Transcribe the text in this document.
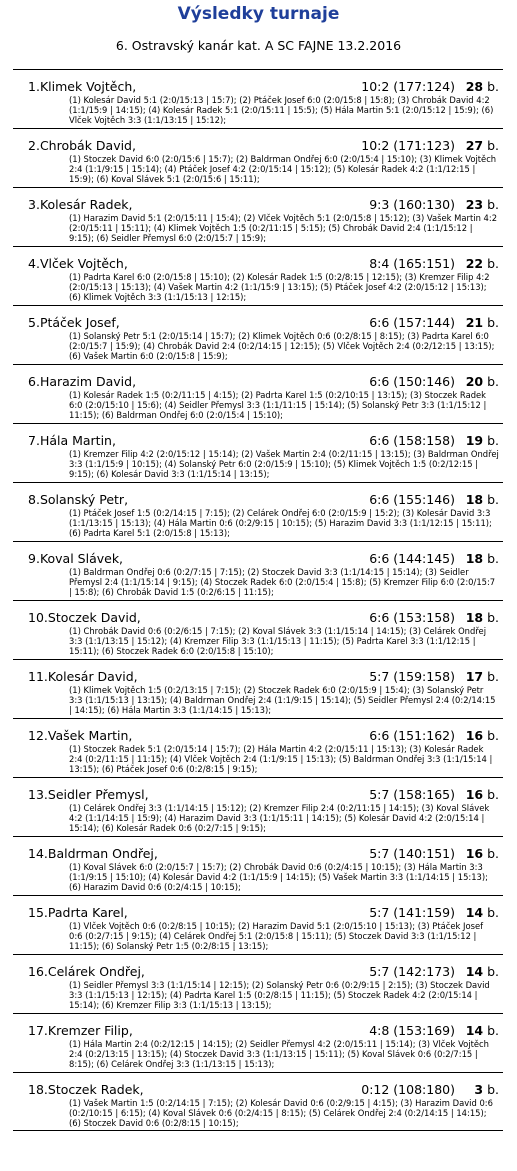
Výsledky turnaje
6. Ostravský kanár kat. A SC FAJNE 13.2.2016
1.Klimek Vojtěch,	10:2 (177:124) 28 b.
(1) Kolesár David 5:1 (2:0/15:13 | 15:7); (2) Ptáček Josef 6:0 (2:0/15:8 | 15:8); (3) Chrobák David 4:2 (1:1/15:9 | 14:15); (4) Kolesár Radek 5:1 (2:0/15:11 | 15:5); (5) Hála Martin 5:1 (2:0/15:12 | 15:9); (6) Vlček Vojtěch 3:3 (1:1/13:15 | 15:12);
2.Chrobák David,	10:2 (171:123) 27 b.
(1) Stoczek David 6:0 (2:0/15:6 | 15:7); (2) Baldrman Ondřej 6:0 (2:0/15:4 | 15:10); (3) Klimek Vojtěch 2:4 (1:1/9:15 | 15:14); (4) Ptáček Josef 4:2 (2:0/15:14 | 15:12); (5) Kolesár Radek 4:2 (1:1/12:15 | 15:9); (6) Koval Slávek 5:1 (2:0/15:6 | 15:11);
3.Kolesár Radek,	9:3 (160:130) 23 b.
(1) Harazim David 5:1 (2:0/15:11 | 15:4); (2) Vlček Vojtěch 5:1 (2:0/15:8 | 15:12); (3) Vašek Martin 4:2 (2:0/15:11 | 15:11); (4) Klimek Vojtěch 1:5 (0:2/11:15 | 5:15); (5) Chrobák David 2:4 (1:1/15:12 | 9:15); (6) Seidler Přemysl 6:0 (2:0/15:7 | 15:9);
4.Vlček Vojtěch,	8:4 (165:151) 22 b.
(1) Padrta Karel 6:0 (2:0/15:8 | 15:10); (2) Kolesár Radek 1:5 (0:2/8:15 | 12:15); (3) Kremzer Filip 4:2 (2:0/15:13 | 15:13); (4) Vašek Martin 4:2 (1:1/15:9 | 13:15); (5) Ptáček Josef 4:2 (2:0/15:12 | 15:13); (6) Klimek Vojtěch 3:3 (1:1/15:13 | 12:15);
5.Ptáček Josef,	6:6 (157:144) 21 b.
(1) Solanský Petr 5:1 (2:0/15:14 | 15:7); (2) Klimek Vojtěch 0:6 (0:2/8:15 | 8:15); (3) Padrta Karel 6:0 (2:0/15:7 | 15:9); (4) Chrobák David 2:4 (0:2/14:15 | 12:15); (5) Vlček Vojtěch 2:4 (0:2/12:15 | 13:15); (6) Vašek Martin 6:0 (2:0/15:8 | 15:9);
6.Harazim David,	6:6 (150:146) 20 b.
(1) Kolesár Radek 1:5 (0:2/11:15 | 4:15); (2) Padrta Karel 1:5 (0:2/10:15 | 13:15); (3) Stoczek Radek 6:0 (2:0/15:10 | 15:6); (4) Seidler Přemysl 3:3 (1:1/11:15 | 15:14); (5) Solanský Petr 3:3 (1:1/15:12 | 11:15); (6) Baldrman Ondřej 6:0 (2:0/15:4 | 15:10);
7.Hála Martin,	6:6 (158:158) 19 b.
(1) Kremzer Filip 4:2 (2:0/15:12 | 15:14); (2) Vašek Martin 2:4 (0:2/11:15 | 13:15); (3) Baldrman Ondřej 3:3 (1:1/15:9 | 10:15); (4) Solanský Petr 6:0 (2:0/15:9 | 15:10); (5) Klimek Vojtěch 1:5 (0:2/12:15 | 9:15); (6) Kolesár David 3:3 (1:1/15:14 | 13:15);
8.Solanský Petr,	6:6 (155:146) 18 b.
(1) Ptáček Josef 1:5 (0:2/14:15 | 7:15); (2) Celárek Ondřej 6:0 (2:0/15:9 | 15:2); (3) Kolesár David 3:3 (1:1/13:15 | 15:13); (4) Hála Martin 0:6 (0:2/9:15 | 10:15); (5) Harazim David 3:3 (1:1/12:15 | 15:11); (6) Padrta Karel 5:1 (2:0/15:8 | 15:13);
9.Koval Slávek,	6:6 (144:145) 18 b.
(1) Baldrman Ondřej 0:6 (0:2/7:15 | 7:15); (2) Stoczek David 3:3 (1:1/14:15 | 15:14); (3) Seidler Přemysl 2:4 (1:1/15:14 | 9:15); (4) Stoczek Radek 6:0 (2:0/15:4 | 15:8); (5) Kremzer Filip 6:0 (2:0/15:7 | 15:8); (6) Chrobák David 1:5 (0:2/6:15 | 11:15);
10.Stoczek David,	6:6 (153:158) 18 b.
(1) Chrobák David 0:6 (0:2/6:15 | 7:15); (2) Koval Slávek 3:3 (1:1/15:14 | 14:15); (3) Celárek Ondřej 3:3 (1:1/13:15 | 15:12); (4) Kremzer Filip 3:3 (1:1/15:13 | 11:15); (5) Padrta Karel 3:3 (1:1/12:15 | 15:11); (6) Stoczek Radek 6:0 (2:0/15:8 | 15:10);
11.Kolesár David,	5:7 (159:158) 17 b.
(1) Klimek Vojtěch 1:5 (0:2/13:15 | 7:15); (2) Stoczek Radek 6:0 (2:0/15:9 | 15:4); (3) Solanský Petr 3:3 (1:1/15:13 | 13:15); (4) Baldrman Ondřej 2:4 (1:1/9:15 | 15:14); (5) Seidler Přemysl 2:4 (0:2/14:15 | 14:15); (6) Hála Martin 3:3 (1:1/14:15 | 15:13);
12.Vašek Martin,	6:6 (151:162) 16 b.
(1) Stoczek Radek 5:1 (2:0/15:14 | 15:7); (2) Hála Martin 4:2 (2:0/15:11 | 15:13); (3) Kolesár Radek 2:4 (0:2/11:15 | 11:15); (4) Vlček Vojtěch 2:4 (1:1/9:15 | 15:13); (5) Baldrman Ondřej 3:3 (1:1/15:14 | 13:15); (6) Ptáček Josef 0:6 (0:2/8:15 | 9:15);
13.Seidler Přemysl,	5:7 (158:165) 16 b.
(1) Celárek Ondřej 3:3 (1:1/14:15 | 15:12); (2) Kremzer Filip 2:4 (0:2/11:15 | 14:15); (3) Koval Slávek 4:2 (1:1/14:15 | 15:9); (4) Harazim David 3:3 (1:1/15:11 | 14:15); (5) Kolesár David 4:2 (2:0/15:14 | 15:14); (6) Kolesár Radek 0:6 (0:2/7:15 | 9:15);
14.Baldrman Ondřej,	5:7 (140:151) 16 b.
(1) Koval Slávek 6:0 (2:0/15:7 | 15:7); (2) Chrobák David 0:6 (0:2/4:15 | 10:15); (3) Hála Martin 3:3 (1:1/9:15 | 15:10); (4) Kolesár David 4:2 (1:1/15:9 | 14:15); (5) Vašek Martin 3:3 (1:1/14:15 | 15:13); (6) Harazim David 0:6 (0:2/4:15 | 10:15);
15.Padrta Karel,	5:7 (141:159) 14 b.
(1) Vlček Vojtěch 0:6 (0:2/8:15 | 10:15); (2) Harazim David 5:1 (2:0/15:10 | 15:13); (3) Ptáček Josef 0:6 (0:2/7:15 | 9:15); (4) Celárek Ondřej 5:1 (2:0/15:8 | 15:11); (5) Stoczek David 3:3 (1:1/15:12 | 11:15); (6) Solanský Petr 1:5 (0:2/8:15 | 13:15);
16.Celárek Ondřej,	5:7 (142:173) 14 b.
(1) Seidler Přemysl 3:3 (1:1/15:14 | 12:15); (2) Solanský Petr 0:6 (0:2/9:15 | 2:15); (3) Stoczek David 3:3 (1:1/15:13 | 12:15); (4) Padrta Karel 1:5 (0:2/8:15 | 11:15); (5) Stoczek Radek 4:2 (2:0/15:14 | 15:14); (6) Kremzer Filip 3:3 (1:1/15:13 | 13:15);
17.Kremzer Filip,	4:8 (153:169) 14 b.
(1) Hála Martin 2:4 (0:2/12:15 | 14:15); (2) Seidler Přemysl 4:2 (2:0/15:11 | 15:14); (3) Vlček Vojtěch 2:4 (0:2/13:15 | 13:15); (4) Stoczek David 3:3 (1:1/13:15 | 15:11); (5) Koval Slávek 0:6 (0:2/7:15 | 8:15); (6) Celárek Ondřej 3:3 (1:1/13:15 | 15:13);
18.Stoczek Radek,	0:12 (108:180) 3 b.
(1) Vašek Martin 1:5 (0:2/14:15 | 7:15); (2) Kolesár David 0:6 (0:2/9:15 | 4:15); (3) Harazim David 0:6 (0:2/10:15 | 6:15); (4) Koval Slávek 0:6 (0:2/4:15 | 8:15); (5) Celárek Ondřej 2:4 (0:2/14:15 | 14:15); (6) Stoczek David 0:6 (0:2/8:15 | 10:15);
